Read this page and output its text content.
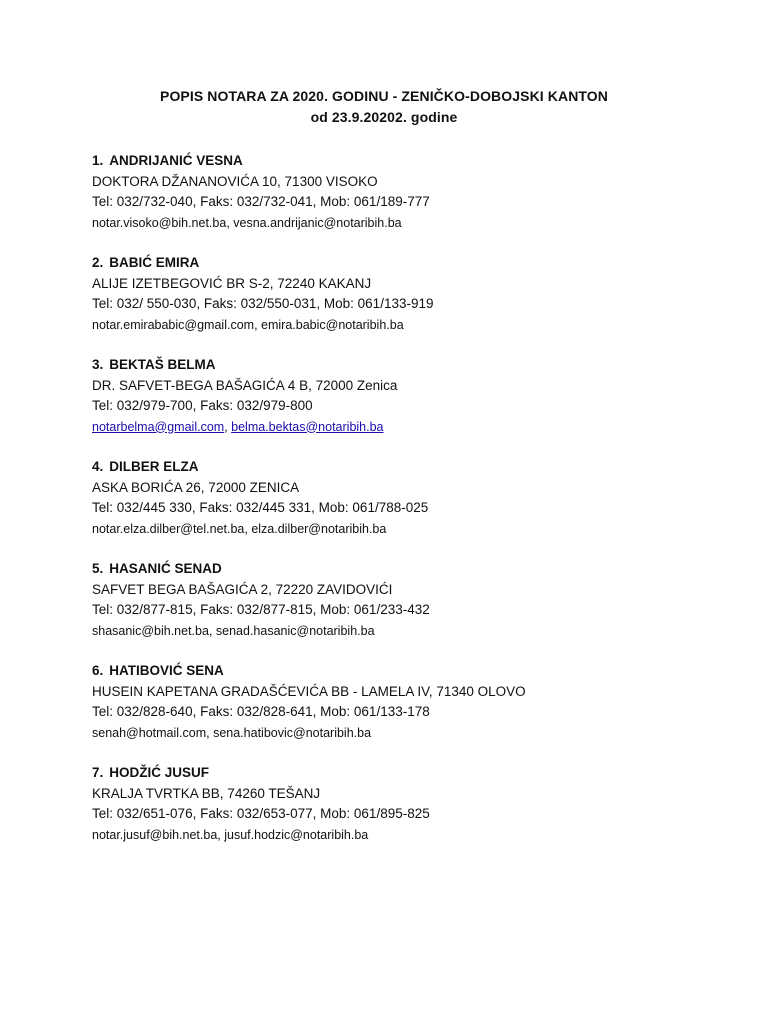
POPIS NOTARA ZA 2020. GODINU - ZENIČKO-DOBOJSKI KANTON
od 23.9.20202. godine
1. ANDRIJANIĆ VESNA
DOKTORA DŽANANOVIĆA 10, 71300 VISOKO
Tel: 032/732-040, Faks: 032/732-041, Mob: 061/189-777
notar.visoko@bih.net.ba, vesna.andrijanic@notaribih.ba
2. BABIĆ EMIRA
ALIJE IZETBEGOVIĆ BR S-2, 72240 KAKANJ
Tel: 032/ 550-030, Faks: 032/550-031, Mob: 061/133-919
notar.emirababic@gmail.com, emira.babic@notaribih.ba
3. BEKTAŠ BELMA
DR. SAFVET-BEGA BAŠAGIĆA 4 B, 72000 Zenica
Tel: 032/979-700, Faks: 032/979-800
notarbelma@gmail.com, belma.bektas@notaribih.ba
4. DILBER ELZA
ASKA BORIĆA 26, 72000 ZENICA
Tel: 032/445 330, Faks: 032/445 331, Mob: 061/788-025
notar.elza.dilber@tel.net.ba, elza.dilber@notaribih.ba
5. HASANIĆ SENAD
SAFVET BEGA BAŠAGIĆA 2, 72220 ZAVIDOVIĆI
Tel: 032/877-815, Faks: 032/877-815, Mob: 061/233-432
shasanic@bih.net.ba, senad.hasanic@notaribih.ba
6. HATIBOVIĆ SENA
HUSEIN KAPETANA GRADAŠĆEVIĆA BB - LAMELA IV, 71340 OLOVO
Tel: 032/828-640, Faks: 032/828-641, Mob: 061/133-178
senah@hotmail.com, sena.hatibovic@notaribih.ba
7. HODŽIĆ JUSUF
KRALJA TVRTKA BB, 74260 TEŠANJ
Tel: 032/651-076, Faks: 032/653-077, Mob: 061/895-825
notar.jusuf@bih.net.ba, jusuf.hodzic@notaribih.ba
